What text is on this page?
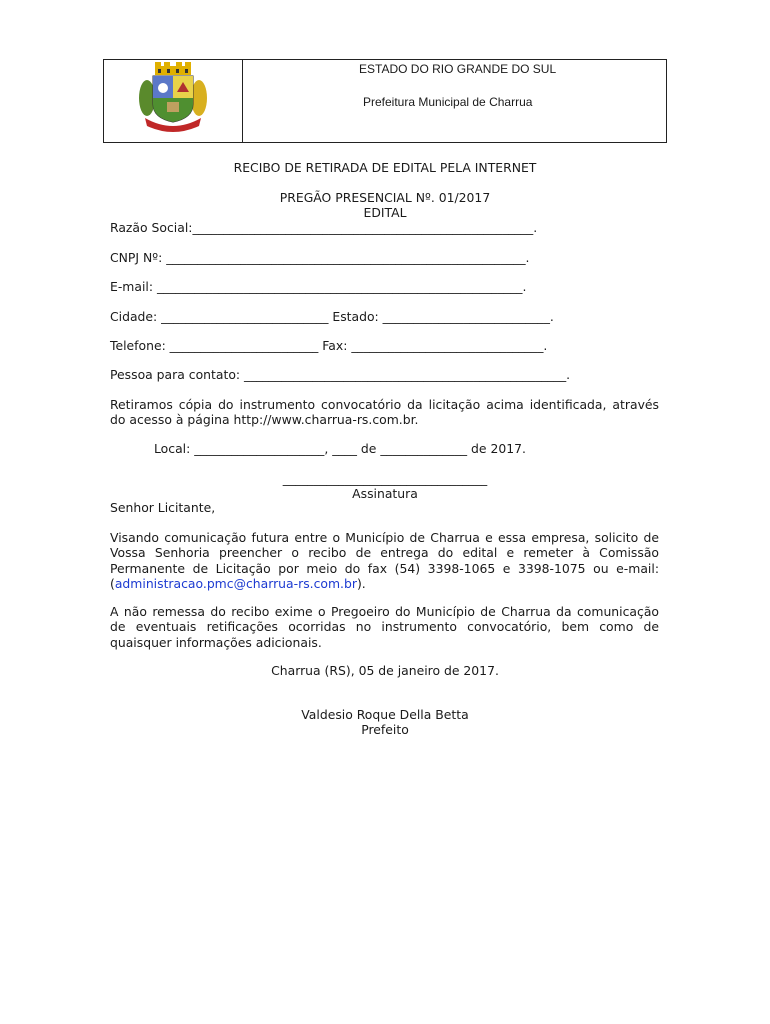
ESTADO DO RIO GRANDE DO SUL
Prefeitura Municipal de Charrua
RECIBO DE RETIRADA DE EDITAL PELA INTERNET
PREGÃO PRESENCIAL Nº. 01/2017
EDITAL
Razão Social:_______________________________________________________.
CNPJ Nº: __________________________________________________________.
E-mail: ___________________________________________________________.
Cidade: ___________________________ Estado: ___________________________.
Telefone: ________________________ Fax: _______________________________.
Pessoa para contato: ____________________________________________________.
Retiramos cópia do instrumento convocatório da licitação acima identificada, através do acesso à página http://www.charrua-rs.com.br.
Local: _____________________, ____ de ______________ de 2017.
_________________________________
Assinatura
Senhor Licitante,
Visando comunicação futura entre o Município de Charrua e essa empresa, solicito de Vossa Senhoria preencher o recibo de entrega do edital e remeter à Comissão Permanente de Licitação por meio do fax (54) 3398-1065 e 3398-1075 ou e-mail:(administracao.pmc@charrua-rs.com.br).
A não remessa do recibo exime o Pregoeiro do Município de Charrua da comunicação de eventuais retificações ocorridas no instrumento convocatório, bem como de quaisquer informações adicionais.
Charrua (RS), 05 de janeiro de 2017.
Valdesio Roque Della Betta
Prefeito
